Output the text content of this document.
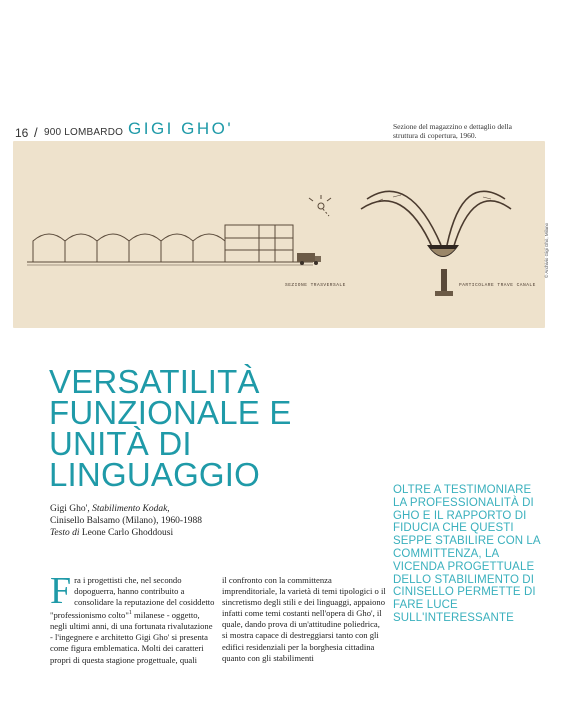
16 / 900 LOMBARDO GIGI GHO'	Sezione del magazzino e dettaglio della struttura di copertura, 1960.
SEZIONE TRASVERSALE	PARTICOLARE TRAVE CANALE
© Archivio Gigi Ghò, Milano
VERSATILITÀ
FUNZIONALE E
UNITÀ DI
LINGUAGGIO
Gigi Gho', Stabilimento Kodak,
Cinisello Balsamo (Milano), 1960-1988
Testo di Leone Carlo Ghoddousi
OLTRE A TESTIMONIARE LA PROFESSIONALITÀ DI GHO E IL RAPPORTO DI FIDUCIA CHE QUESTI SEPPE STABILIRE CON LA COMMITTENZA, LA VICENDA PROGETTUALE DELLO STABILIMENTO DI CINISELLO PERMETTE DI FARE LUCE SULL'INTERESSANTE
Fra i progettisti che, nel secondo dopoguerra, hanno contribuito a consolidare la reputazione del cosiddetto "professionismo colto"$^1$ milanese - oggetto, negli ultimi anni, di una fortunata rivalutazione - l'ingegnere e architetto Gigi Gho' si presenta come figura emblematica. Molti dei caratteri propri di questa stagione progettuale, quali
il confronto con la committenza imprenditoriale, la varietà di temi tipologici o il sincretismo degli stili e dei linguaggi, appaiono infatti come temi costanti nell'opera di Gho', il quale, dando prova di un'attitudine poliedrica, si mostra capace di destreggiarsi tanto con gli edifici residenziali per la borghesia cittadina quanto con gli stabilimenti
